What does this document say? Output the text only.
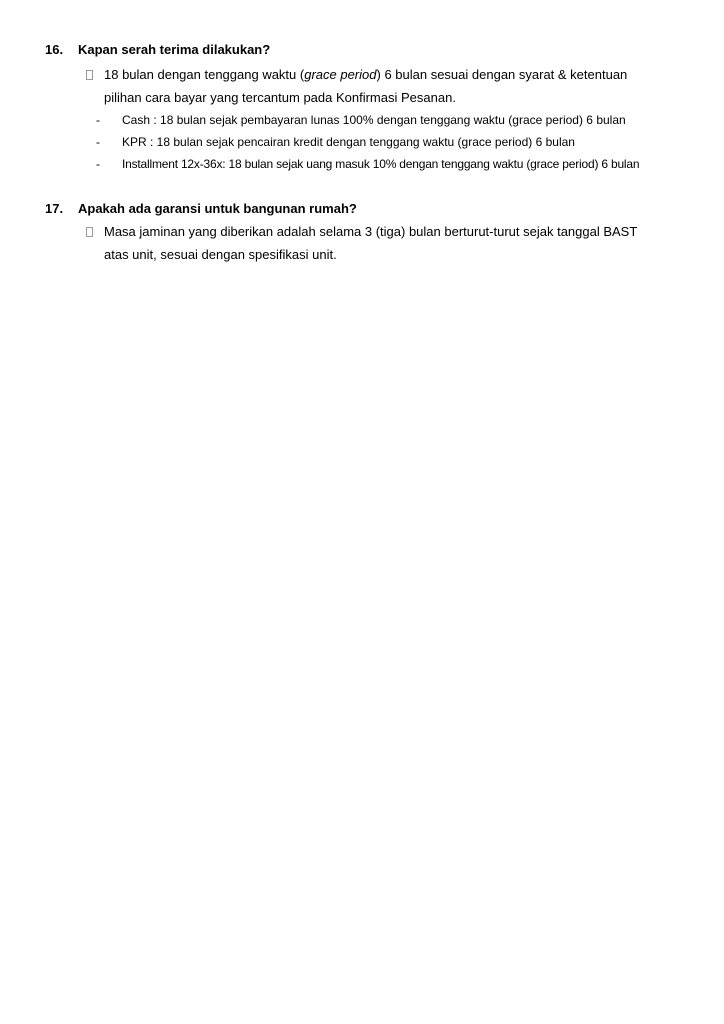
16. Kapan serah terima dilakukan?
18 bulan dengan tenggang waktu (grace period) 6 bulan sesuai dengan syarat & ketentuan
pilihan cara bayar yang tercantum pada Konfirmasi Pesanan.
- Cash : 18 bulan sejak pembayaran lunas 100% dengan tenggang waktu (grace period) 6 bulan
- KPR : 18 bulan sejak pencairan kredit dengan tenggang waktu (grace period) 6 bulan
- Installment 12x-36x: 18 bulan sejak uang masuk 10% dengan tenggang waktu (grace period) 6 bulan
17. Apakah ada garansi untuk bangunan rumah?
Masa jaminan yang diberikan adalah selama 3 (tiga) bulan berturut-turut sejak tanggal BAST
atas unit, sesuai dengan spesifikasi unit.
